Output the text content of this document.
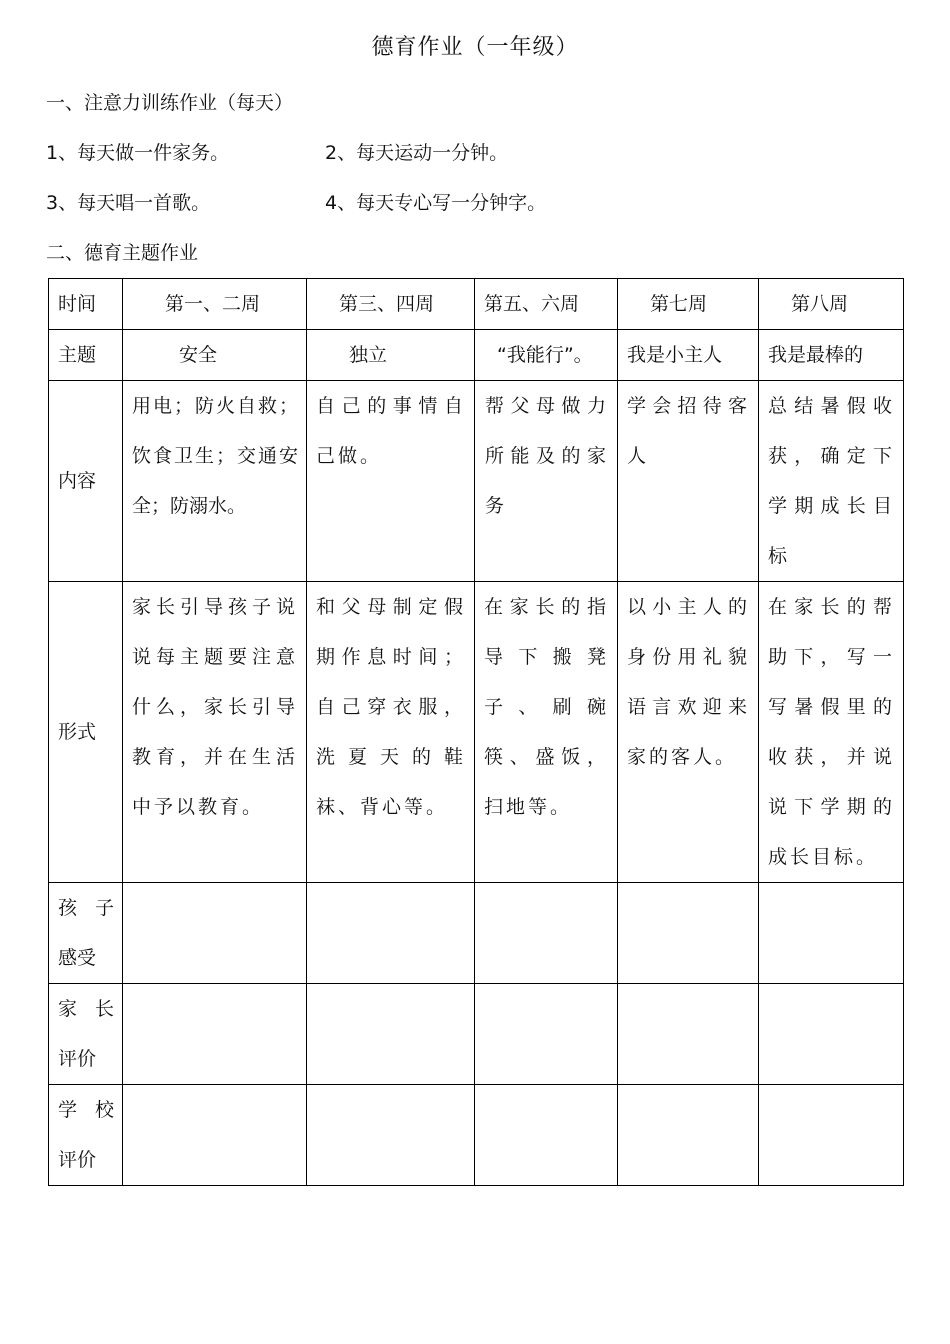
德育作业（一年级）
一、注意力训练作业（每天）
1、每天做一件家务。	2、每天运动一分钟。
3、每天唱一首歌。	4、每天专心写一分钟字。
二、德育主题作业
时间	第一、二周	第三、四周	第五、六周	第七周	第八周
主题	安全	独立	“我能行”。	我是小主人	我是最棒的
内容	用电；防火自救；饮食卫生；交通安全；防溺水。	自己的事情自己做。	帮父母做力所能及的家务	学会招待客人	总结暑假收获，确定下学期成长目标
形式	家长引导孩子说说每主题要注意什么，家长引导教育，并在生活中予以教育。	和父母制定假期作息时间；自己穿衣服，洗夏天的鞋袜、背心等。	在家长的指导下搬凳子、刷碗筷、盛饭，扫地等。	以小主人的身份用礼貌语言欢迎来家的客人。	在家长的帮助下，写一写暑假里的收获，并说说下学期的成长目标。
孩  子感受					
家  长评价					
学  校评价					
